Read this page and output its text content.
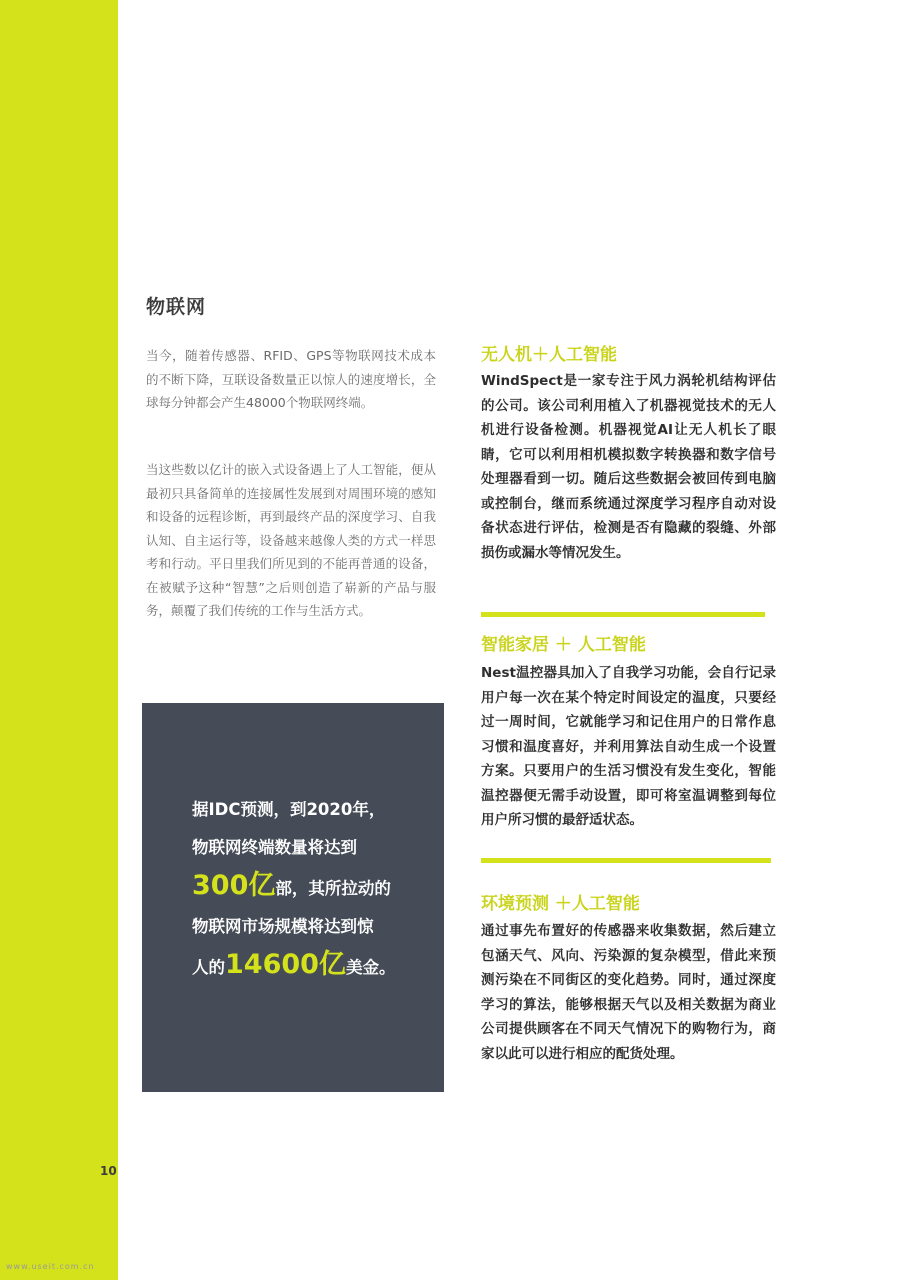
10
www.useit.com.cn
物联网

当今，随着传感器、RFID、GPS等物联网技术成本的不断下降，互联设备数量正以惊人的速度增长，全球每分钟都会产生48000个物联网终端。

当这些数以亿计的嵌入式设备遇上了人工智能，便从最初只具备简单的连接属性发展到对周围环境的感知和设备的远程诊断，再到最终产品的深度学习、自我认知、自主运行等，设备越来越像人类的方式一样思考和行动。平日里我们所见到的不能再普通的设备，在被赋予这种“智慧”之后则创造了崭新的产品与服务，颠覆了我们传统的工作与生活方式。

据IDC预测，到2020年，
物联网终端数量将达到
300亿部，其所拉动的
物联网市场规模将达到惊
人的14600亿美金。
无人机＋人工智能

WindSpect是一家专注于风力涡轮机结构评估的公司。该公司利用植入了机器视觉技术的无人机进行设备检测。机器视觉AI让无人机长了眼睛，它可以利用相机模拟数字转换器和数字信号处理器看到一切。随后这些数据会被回传到电脑或控制台，继而系统通过深度学习程序自动对设备状态进行评估，检测是否有隐藏的裂缝、外部损伤或漏水等情况发生。

智能家居 ＋ 人工智能

Nest温控器具加入了自我学习功能，会自行记录用户每一次在某个特定时间设定的温度，只要经过一周时间，它就能学习和记住用户的日常作息习惯和温度喜好，并利用算法自动生成一个设置方案。只要用户的生活习惯没有发生变化，智能温控器便无需手动设置，即可将室温调整到每位用户所习惯的最舒适状态。

环境预测 ＋人工智能

通过事先布置好的传感器来收集数据，然后建立包涵天气、风向、污染源的复杂模型，借此来预测污染在不同街区的变化趋势。同时，通过深度学习的算法，能够根据天气以及相关数据为商业公司提供顾客在不同天气情况下的购物行为，商家以此可以进行相应的配货处理。
